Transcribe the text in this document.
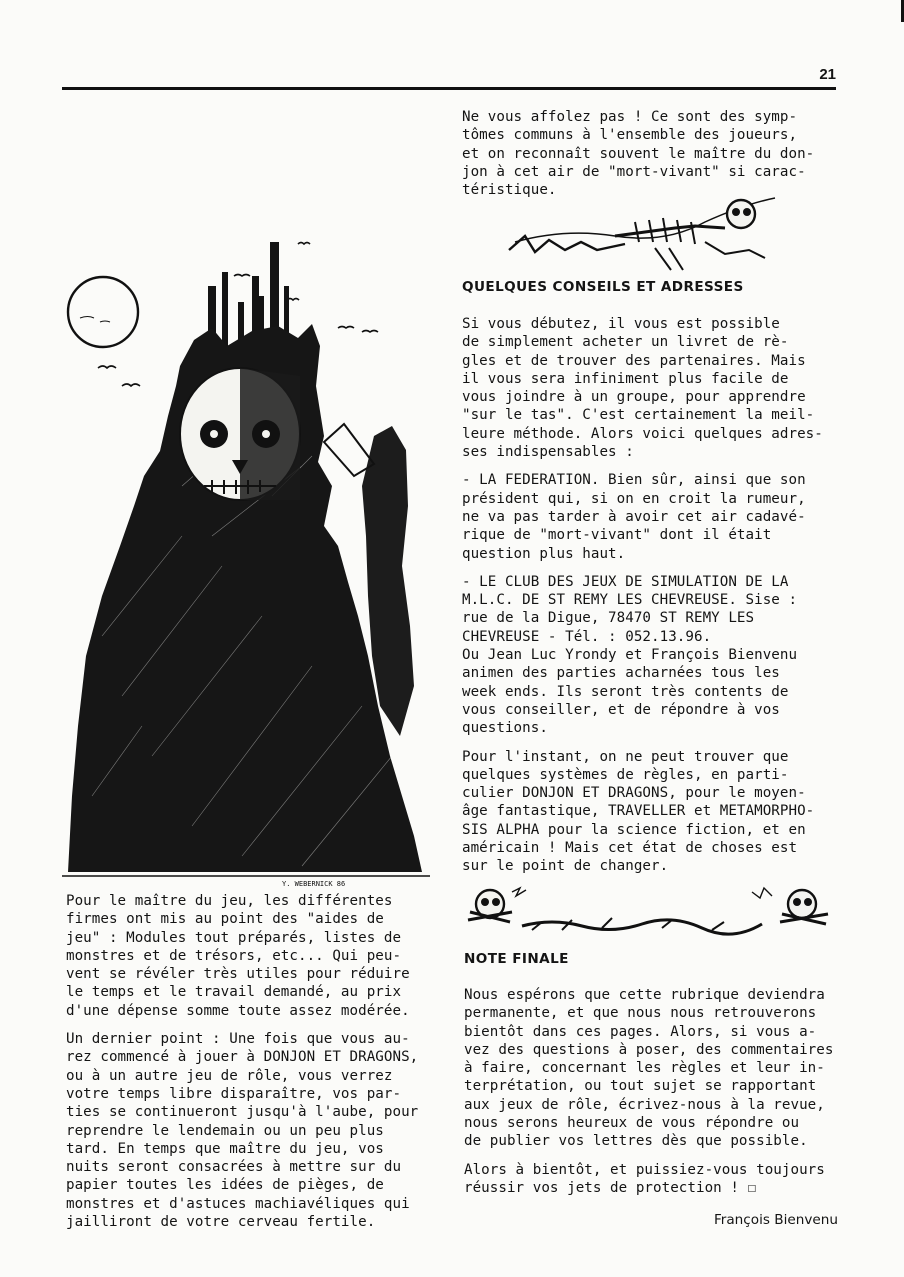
21
Y. WEBERNICK 86

Pour le maître du jeu, les différentes
firmes ont mis au point des "aides de
jeu" : Modules tout préparés, listes de
monstres et de trésors, etc... Qui peu-
vent se révéler très utiles pour réduire
le temps et le travail demandé, au prix
d'une dépense somme toute assez modérée.

Un dernier point : Une fois que vous au-
rez commencé à jouer à DONJON ET DRAGONS,
ou à un autre jeu de rôle, vous verrez
votre temps libre disparaître, vos par-
ties se continueront jusqu'à l'aube, pour
reprendre le lendemain ou un peu plus
tard. En temps que maître du jeu, vos
nuits seront consacrées à mettre sur du
papier toutes les idées de pièges, de
monstres et d'astuces machiavéliques qui
jailliront de votre cerveau fertile.

Ne vous affolez pas ! Ce sont des symp-
tômes communs à l'ensemble des joueurs,
et on reconnaît souvent le maître du don-
jon à cet air de "mort-vivant" si carac-
téristique.

QUELQUES CONSEILS ET ADRESSES

Si vous débutez, il vous est possible
de simplement acheter un livret de rè-
gles et de trouver des partenaires. Mais
il vous sera infiniment plus facile de
vous joindre à un groupe, pour apprendre
"sur le tas". C'est certainement la meil-
leure méthode. Alors voici quelques adres-
ses indispensables :

- LA FEDERATION. Bien sûr, ainsi que son
président qui, si on en croit la rumeur,
ne va pas tarder à avoir cet air cadavé-
rique de "mort-vivant" dont il était
question plus haut.

- LE CLUB DES JEUX DE SIMULATION DE LA
M.L.C. DE ST REMY LES CHEVREUSE. Sise :
rue de la Digue, 78470 ST REMY LES
CHEVREUSE - Tél. : 052.13.96.
Ou Jean Luc Yrondy et François Bienvenu
animen des parties acharnées tous les
week ends. Ils seront très contents de
vous conseiller, et de répondre à vos
questions.

Pour l'instant, on ne peut trouver que
quelques systèmes de règles, en parti-
culier DONJON ET DRAGONS, pour le moyen-
âge fantastique, TRAVELLER et METAMORPHO-
SIS ALPHA pour la science fiction, et en
américain ! Mais cet état de choses est
sur le point de changer.

NOTE FINALE

Nous espérons que cette rubrique deviendra
permanente, et que nous nous retrouverons
bientôt dans ces pages. Alors, si vous a-
vez des questions à poser, des commentaires
à faire, concernant les règles et leur in-
terprétation, ou tout sujet se rapportant
aux jeux de rôle, écrivez-nous à la revue,
nous serons heureux de vous répondre ou
de publier vos lettres dès que possible.

Alors à bientôt, et puissiez-vous toujours
réussir vos jets de protection ! ☐

François Bienvenu
